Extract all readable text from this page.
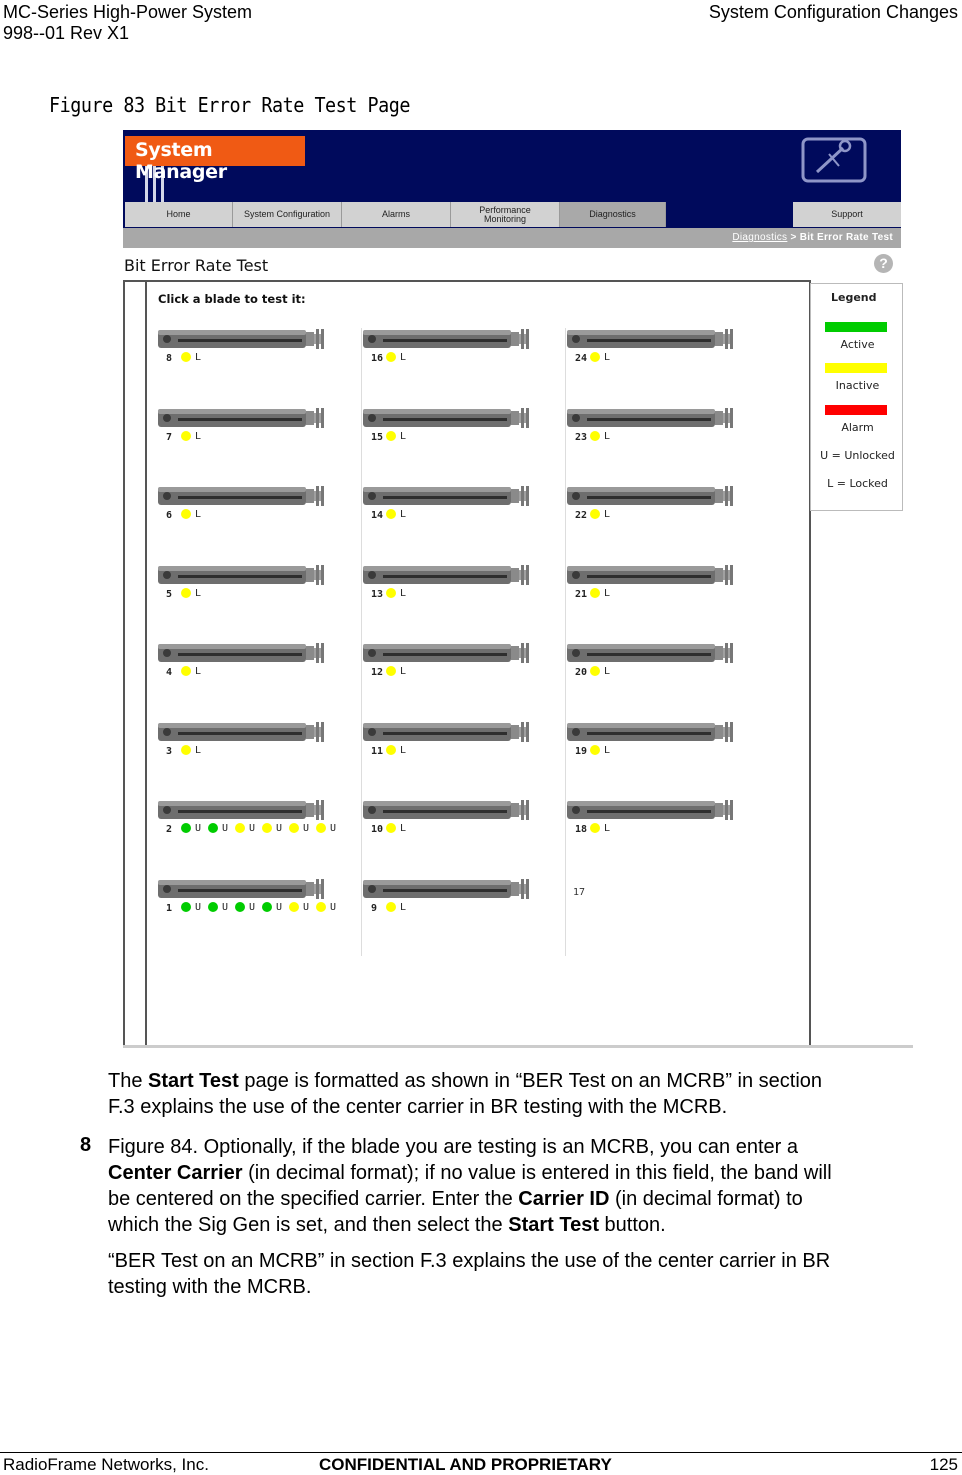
MC-Series High-Power System
998--01 Rev X1
System Configuration Changes
Figure 83 Bit Error Rate Test Page
System Manager
Home	System Configuration	Alarms	Performance Monitoring	Diagnostics	Support
Diagnostics > Bit Error Rate Test
Bit Error Rate Test	?
Click a blade to test it:
8	L
7	L
6	L
5	L
4	L
3	L
2	U	U	U	U	U	U
1	U	U	U	U	U	U
16	L
15	L
14	L
13	L
12	L
11	L
10	L
9	L
24	L
23	L
22	L
21	L
20	L
19	L
18	L
17
Legend
Active
Inactive
Alarm
U = Unlocked
L = Locked
The Start Test page is formatted as shown in “BER Test on an MCRB” in section
F.3 explains the use of the center carrier in BR testing with the MCRB.
8 Figure 84. Optionally, if the blade you are testing is an MCRB, you can enter a
Center Carrier (in decimal format); if no value is entered in this field, the band will
be centered on the specified carrier. Enter the Carrier ID (in decimal format) to
which the Sig Gen is set, and then select the Start Test button.
“BER Test on an MCRB” in section F.3 explains the use of the center carrier in BR
testing with the MCRB.
RadioFrame Networks, Inc.	CONFIDENTIAL AND PROPRIETARY	125
